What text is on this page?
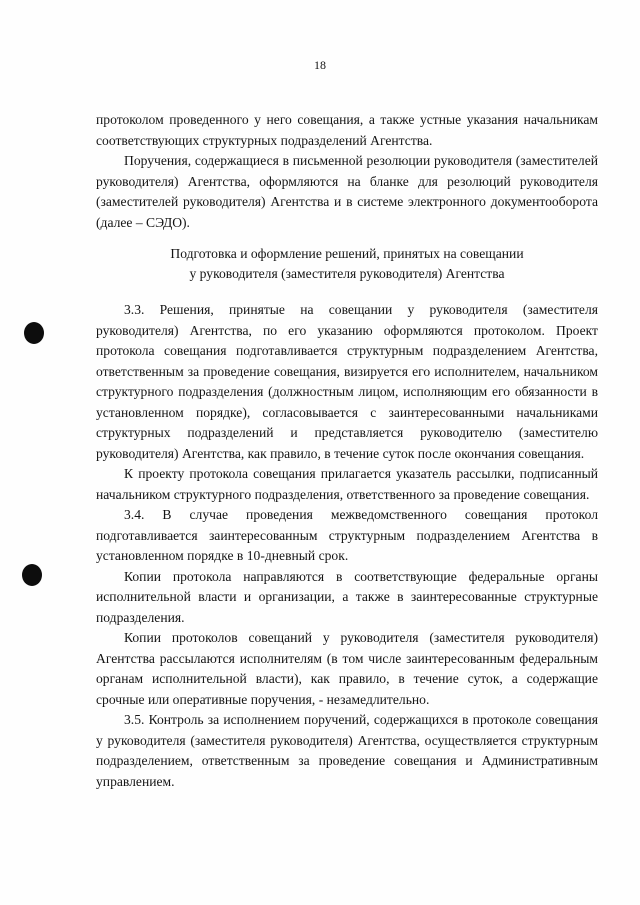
18

протоколом проведенного у него совещания, а также устные указания начальникам соответствующих структурных подразделений Агентства.

Поручения, содержащиеся в письменной резолюции руководителя (заместителей руководителя) Агентства, оформляются на бланке для резолюций руководителя (заместителей руководителя) Агентства и в системе электронного документооборота (далее – СЭДО).

Подготовка и оформление решений, принятых на совещании
у руководителя (заместителя руководителя) Агентства

3.3. Решения, принятые на совещании у руководителя (заместителя руководителя) Агентства, по его указанию оформляются протоколом. Проект протокола совещания подготавливается структурным подразделением Агентства, ответственным за проведение совещания, визируется его исполнителем, начальником структурного подразделения (должностным лицом, исполняющим его обязанности в установленном порядке), согласовывается с заинтересованными начальниками структурных подразделений и представляется руководителю (заместителю руководителя) Агентства, как правило, в течение суток после окончания совещания.

К проекту протокола совещания прилагается указатель рассылки, подписанный начальником структурного подразделения, ответственного за проведение совещания.

3.4. В случае проведения межведомственного совещания протокол подготавливается заинтересованным структурным подразделением Агентства в установленном порядке в 10-дневный срок.

Копии протокола направляются в соответствующие федеральные органы исполнительной власти и организации, а также в заинтересованные структурные подразделения.

Копии протоколов совещаний у руководителя (заместителя руководителя) Агентства рассылаются исполнителям (в том числе заинтересованным федеральным органам исполнительной власти), как правило, в течение суток, а содержащие срочные или оперативные поручения, - незамедлительно.

3.5. Контроль за исполнением поручений, содержащихся в протоколе совещания у руководителя (заместителя руководителя) Агентства, осуществляется структурным подразделением, ответственным за проведение совещания и Административным управлением.
